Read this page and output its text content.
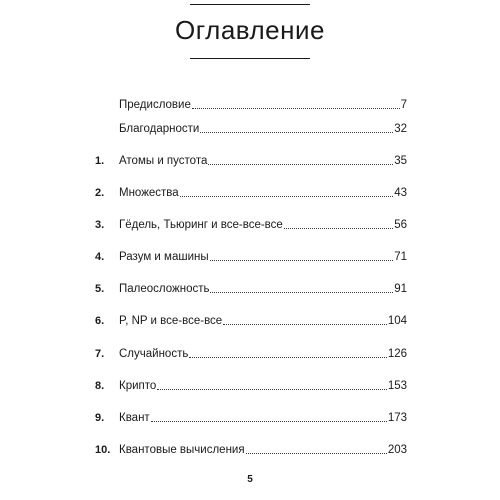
Оглавление
Предисловие	7
Благодарности	32
1.	Атомы и пустота	35
2.	Множества	43
3.	Гёдель, Тьюринг и все-все-все	56
4.	Разум и машины	71
5.	Палеосложность	91
6.	P, NP и все-все-все	104
7.	Случайность	126
8.	Крипто	153
9.	Квант	173
10. Квантовые вычисления	203
5
